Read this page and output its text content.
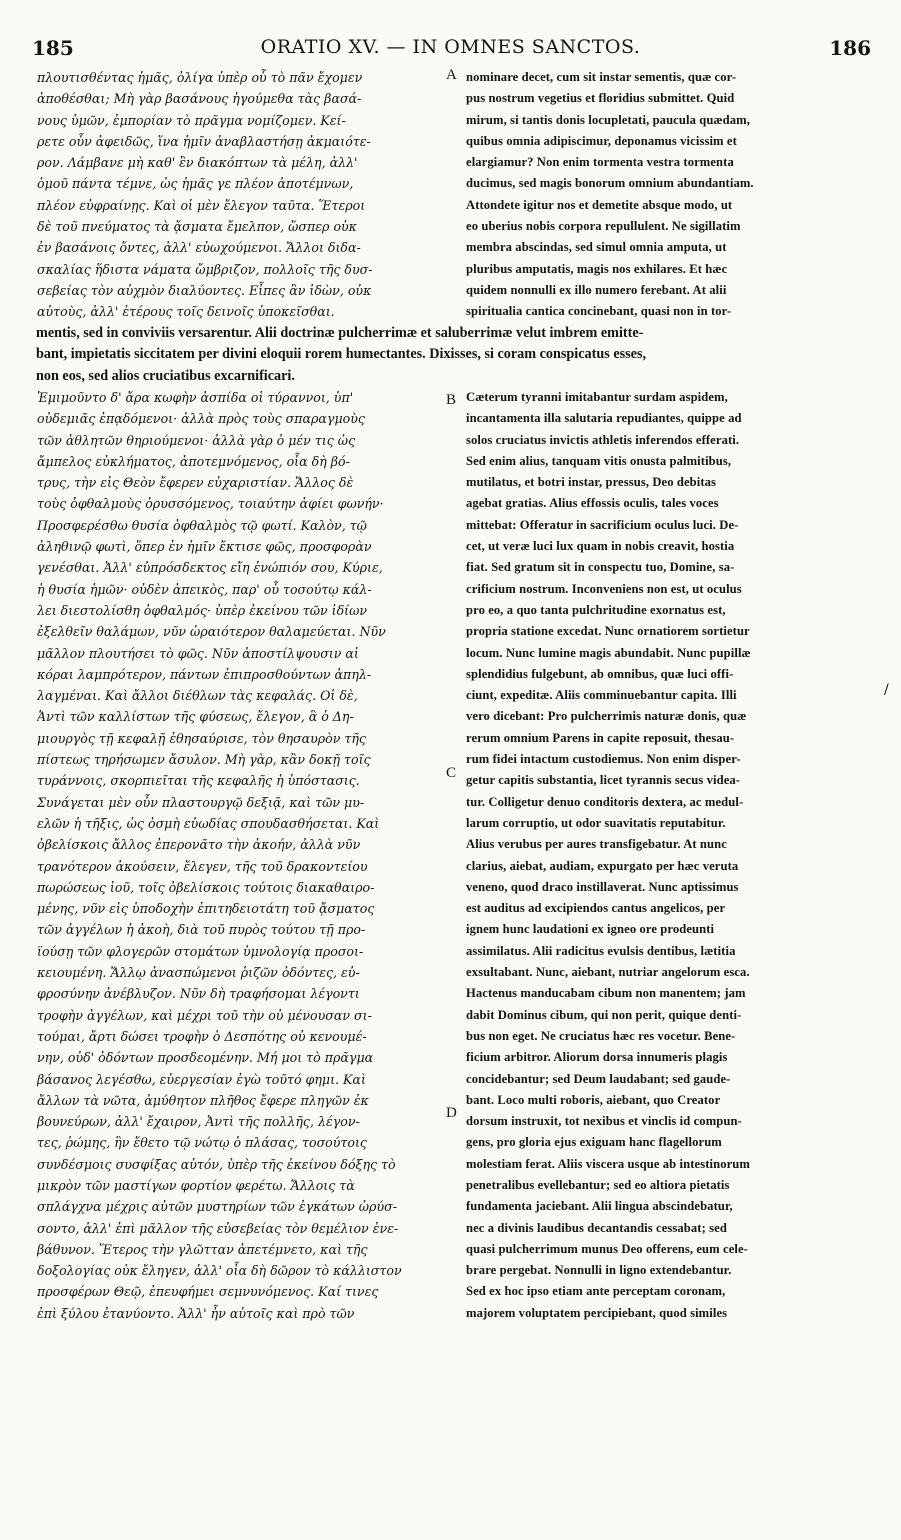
185	ORATIO XV. — IN OMNES SANCTOS.	186
πλουτισθέντας ἡμᾶς, ὀλίγα ὑπὲρ οὗ τὸ πᾶν ἔχομεν
ἀποθέσθαι; Μὴ γὰρ βασάνους ἡγούμεθα τὰς βασά-
νους ὑμῶν, ἐμπορίαν τὸ πρᾶγμα νομίζομεν. Κεί-
ρετε οὖν ἀφειδῶς, ἵνα ἡμῖν ἀναβλαστήσῃ ἀκμαιότε-
ρον. Λάμβανε μὴ καθ' ἓν διακόπτων τὰ μέλη, ἀλλ'
ὁμοῦ πάντα τέμνε, ὡς ἡμᾶς γε πλέον ἀποτέμνων,
πλέον εὐφραίνῃς. Καὶ οἱ μὲν ἔλεγον ταῦτα. Ἕτεροι
δὲ τοῦ πνεύματος τὰ ᾄσματα ἔμελπον, ὥσπερ οὐκ
ἐν βασάνοις ὄντες, ἀλλ' εὐωχούμενοι. Ἄλλοι διδα-
σκαλίας ἥδιστα νάματα ὤμβριζον, πολλοῖς τῆς δυσ-
σεβείας τὸν αὐχμὸν διαλύοντες. Εἶπες ἂν ἰδὼν, οὐκ
αὐτοὺς, ἀλλ' ἑτέρους τοῖς δεινοῖς ὑποκεῖσθαι.
nominare decet, cum sit instar sementis, quæ cor-
pus nostrum vegetius et floridius submittet. Quid
mirum, si tantis donis locupletati, paucula quædam,
quibus omnia adipiscimur, deponamus vicissim et
elargiamur? Non enim tormenta vestra tormenta
ducimus, sed magis bonorum omnium abundantiam.
Attondete igitur nos et demetite absque modo, ut
eo uberius nobis corpora repullulent. Ne sigillatim
membra abscindas, sed simul omnia amputa, ut
pluribus amputatis, magis nos exhilares. Et hæc
quidem nonnulli ex illo numero ferebant. At alii
spiritualia cantica concinebant, quasi non in tor-
mentis, sed in conviviis versarentur. Alii doctrinæ pulcherrimæ et saluberrimæ velut imbrem emitte-
bant, impietatis siccitatem per divini eloquii rorem humectantes. Dixisses, si coram conspicatus esses,
non eos, sed alios cruciatibus excarnificari.
Ἐμιμοῦντο δ' ἄρα κωφὴν ἀσπίδα οἱ τύραννοι, ὑπ'
οὐδεμιᾶς ἐπᾳδόμενοι· ἀλλὰ πρὸς τοὺς σπαραγμοὺς
τῶν ἀθλητῶν θηριούμενοι· ἀλλὰ γὰρ ὁ μέν τις ὡς
ἄμπελος εὐκλήματος, ἀποτεμνόμενος, οἷα δὴ βό-
τρυς, τὴν εἰς Θεὸν ἔφερεν εὐχαριστίαν. Ἄλλος δὲ
τοὺς ὀφθαλμοὺς ὀρυσσόμενος, τοιαύτην ἀφίει φωνήν·
Προσφερέσθω θυσία ὀφθαλμὸς τῷ φωτί. Καλὸν, τῷ
ἀληθινῷ φωτὶ, ὅπερ ἐν ἡμῖν ἔκτισε φῶς, προσφορὰν
γενέσθαι. Ἀλλ' εὐπρόσδεκτος εἴη ἐνώπιόν σου, Κύριε,
ἡ θυσία ἡμῶν· οὐδὲν ἀπεικὸς, παρ' οὗ τοσούτῳ κάλ-
λει διεστολίσθη ὀφθαλμός· ὑπὲρ ἐκείνου τῶν ἰδίων
ἐξελθεῖν θαλάμων, νῦν ὡραιότερον θαλαμεύεται. Νῦν
μᾶλλον πλουτήσει τὸ φῶς. Νῦν ἀποστίλψουσιν αἱ
κόραι λαμπρότερον, πάντων ἐπιπροσθούντων ἀπηλ-
λαγμέναι. Καὶ ἄλλοι διέθλων τὰς κεφαλάς. Οἱ δὲ,
Ἀντὶ τῶν καλλίστων τῆς φύσεως, ἔλεγον, ἃ ὁ Δη-
μιουργὸς τῇ κεφαλῇ ἐθησαύρισε, τὸν θησαυρὸν τῆς
πίστεως τηρήσωμεν ἄσυλον. Μὴ γὰρ, κἂν δοκῇ τοῖς
τυράννοις, σκορπιεῖται τῆς κεφαλῆς ἡ ὑπόστασις.
Συνάγεται μὲν οὖν πλαστουργῷ δεξιᾷ, καὶ τῶν μυ-
ελῶν ἡ τῆξις, ὡς ὀσμὴ εὐωδίας σπουδασθήσεται. Καὶ
ὀβελίσκοις ἄλλος ἐπερονᾶτο τὴν ἀκοήν, ἀλλὰ νῦν
τρανότερον ἀκούσειν, ἔλεγεν, τῆς τοῦ δρακοντείου
πωρώσεως ἰοῦ, τοῖς ὀβελίσκοις τούτοις διακαθαιρο-
μένης, νῦν εἰς ὑποδοχὴν ἐπιτηδειοτάτη τοῦ ᾄσματος
τῶν ἀγγέλων ἡ ἀκοὴ, διὰ τοῦ πυρὸς τούτου τῇ προ-
ϊούσῃ τῶν φλογερῶν στομάτων ὑμνολογίᾳ προσοι-
κειουμένη. Ἄλλῳ ἀνασπώμενοι ῥιζῶν ὀδόντες, εὐ-
φροσύνην ἀνέβλυζον. Νῦν δὴ τραφήσομαι λέγοντι
τροφὴν ἀγγέλων, καὶ μέχρι τοῦ τὴν οὐ μένουσαν σι-
τούμαι, ἄρτι δώσει τροφὴν ὁ Δεσπότης οὐ κενουμέ-
νην, οὐδ' ὀδόντων προσδεομένην. Μή μοι τὸ πρᾶγμα
βάσανος λεγέσθω, εὐεργεσίαν ἐγὼ τοῦτό φημι. Καὶ
ἄλλων τὰ νῶτα, ἀμύθητον πλῆθος ἔφερε πληγῶν ἐκ
βουνεύρων, ἀλλ' ἔχαιρον, Ἀντὶ τῆς πολλῆς, λέγον-
τες, ῥώμης, ἣν ἔθετο τῷ νώτῳ ὁ πλάσας, τοσούτοις
συνδέσμοις συσφίξας αὐτόν, ὑπὲρ τῆς ἐκείνου δόξης τὸ
μικρὸν τῶν μαστίγων φορτίον φερέτω. Ἄλλοις τὰ
σπλάγχνα μέχρις αὐτῶν μυστηρίων τῶν ἐγκάτων ὠρύσ-
σοντο, ἀλλ' ἐπὶ μᾶλλον τῆς εὐσεβείας τὸν θεμέλιον ἐνε-
βάθυνον. Ἕτερος τὴν γλῶτταν ἀπετέμνετο, καὶ τῆς
δοξολογίας οὐκ ἔληγεν, ἀλλ' οἷα δὴ δῶρον τὸ κάλλιστον
προσφέρων Θεῷ, ἐπευφήμει σεμνυνόμενος. Καί τινες
ἐπὶ ξύλου ἐτανύοντο. Ἀλλ' ἦν αὐτοῖς καὶ πρὸ τῶν
Cæterum tyranni imitabantur surdam aspidem,
incantamenta illa salutaria repudiantes, quippe ad
solos cruciatus invictis athletis inferendos efferati.
Sed enim alius, tanquam vitis onusta palmitibus,
mutilatus, et botri instar, pressus, Deo debitas
agebat gratias. Alius effossis oculis, tales voces
mittebat: Offeratur in sacrificium oculus luci. De-
cet, ut veræ luci lux quam in nobis creavit, hostia
fiat. Sed gratum sit in conspectu tuo, Domine, sa-
crificium nostrum. Inconveniens non est, ut oculus
pro eo, a quo tanta pulchritudine exornatus est,
propria statione excedat. Nunc ornatiorem sortietur
locum. Nunc lumine magis abundabit. Nunc pupillæ
splendidius fulgebunt, ab omnibus, quæ luci offi-
ciunt, expeditæ. Aliis comminuebantur capita. Illi
vero dicebant: Pro pulcherrimis naturæ donis, quæ
rerum omnium Parens in capite reposuit, thesau-
rum fidei intactum custodiemus. Non enim disper-
getur capitis substantia, licet tyrannis secus videa-
tur. Colligetur denuo conditoris dextera, ac medul-
larum corruptio, ut odor suavitatis reputabitur.
Alius verubus per aures transfigebatur. At nunc
clarius, aiebat, audiam, expurgato per hæc veruta
veneno, quod draco instillaverat. Nunc aptissimus
est auditus ad excipiendos cantus angelicos, per
ignem hunc laudationi ex igneo ore prodeunti
assimilatus. Alii radicitus evulsis dentibus, lætitia
exsultabant. Nunc, aiebant, nutriar angelorum esca.
Hactenus manducabam cibum non manentem; jam
dabit Dominus cibum, qui non perit, quique denti-
bus non eget. Ne cruciatus hæc res vocetur. Bene-
ficium arbitror. Aliorum dorsa innumeris plagis
concidebantur; sed Deum laudabant; sed gaude-
bant. Loco multi roboris, aiebant, quo Creator
dorsum instruxit, tot nexibus et vinclis id compun-
gens, pro gloria ejus exiguam hanc flagellorum
molestiam ferat. Aliis viscera usque ab intestinorum
penetralibus evellebantur; sed eo altiora pietatis
fundamenta jaciebant. Alii lingua abscindebatur,
nec a divinis laudibus decantandis cessabat; sed
quasi pulcherrimum munus Deo offerens, eum cele-
brare pergebat. Nonnulli in ligno extendebantur.
Sed ex hoc ipso etiam ante perceptam coronam,
majorem voluptatem percipiebant, quod similes
A
B
C
D
/
